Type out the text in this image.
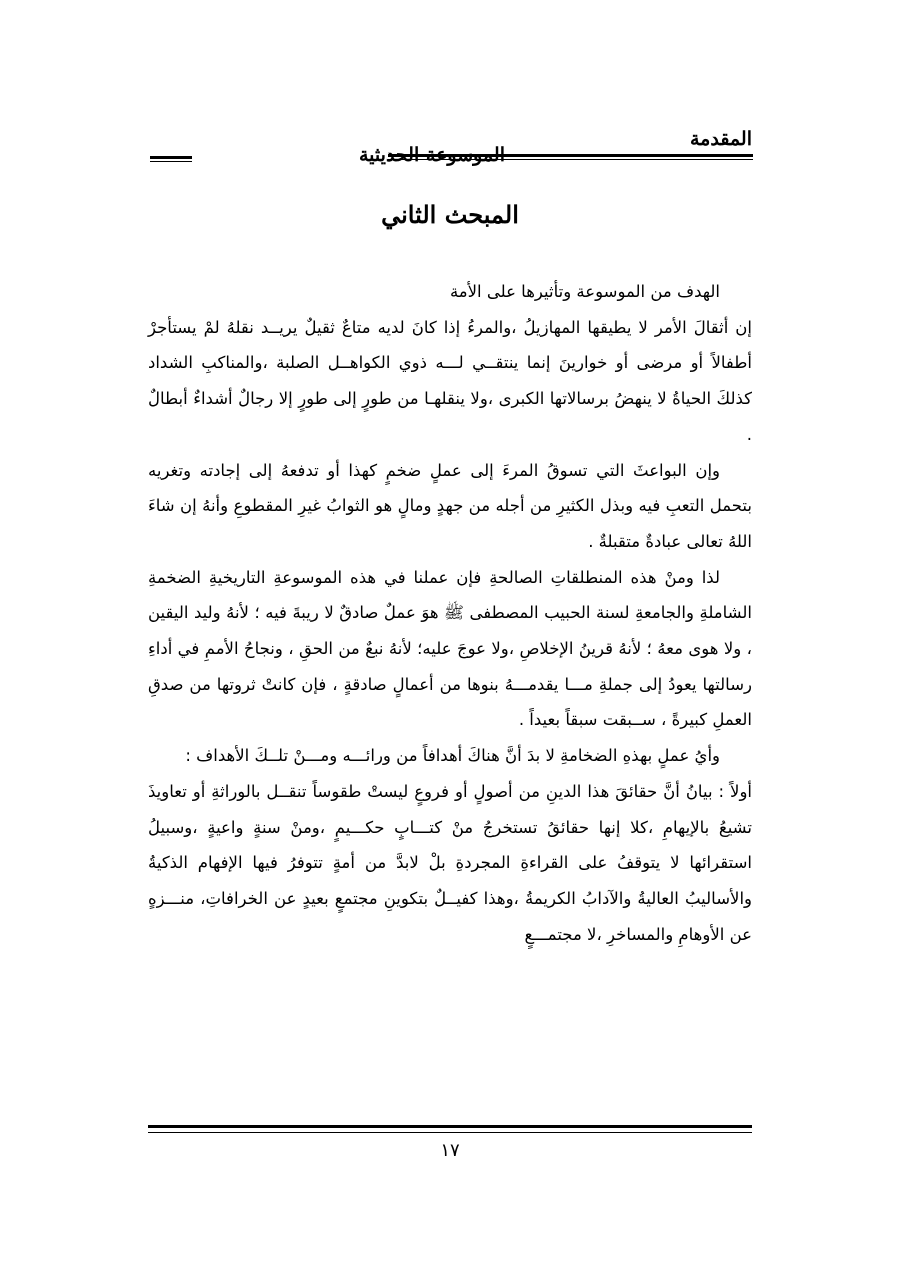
المقدمة
الموسوعة الحديثية
المبحث الثاني

الهدف من الموسوعة وتأثيرها على الأمة

إن أثقالَ الأمر لا يطيقها المهازيلُ ،والمرءُ إذا كانَ لديه متاعٌ ثقيلٌ يريــد نقلهُ لمْ يستأجرْ أطفالاً أو مرضى أو خوارينَ إنما ينتقــي لـــه ذوي الكواهــل الصلبة ،والمناكبِ الشداد كذلكَ الحياةُ لا ينهضُ برسالاتها الكبرى ،ولا ينقلهـا من طورٍ إلى طورٍ إلا رجالٌ أشداءٌ أبطالٌ .

وإن البواعثَ التي تسوقُ المرءَ إلى عملٍ ضخمٍ كهذا أو تدفعهُ إلى إجادته وتغريه بتحمل التعبِ فيه وبذل الكثيرِ من أجله من جهدٍ ومالٍ هو الثوابُ غيرِ المقطوعِ وأنهُ إن شاءَ اللهُ تعالى عبادةٌ متقبلةٌ .

لذا ومنْ هذه المنطلقاتِ الصالحةِ فإن عملنا في هذه الموسوعةِ التاريخيةِ الضخمةِ الشاملةِ والجامعةِ لسنة الحبيب المصطفى ﷺ هوَ عملٌ صادقٌ لا ريبةَ فيه ؛ لأنهُ وليد اليقين ، ولا هوى معهُ ؛ لأنهُ قرينُ الإخلاصِ ،ولا عوجَ عليه؛ لأنهُ نبعٌ من الحقِ ، ونجاحُ الأممِ في أداءِ رسالتها يعودُ إلى جملةِ مـــا يقدمـــهُ بنوها من أعمالٍ صادقةٍ ، فإن كانتْ ثروتها من صدقِ العملِ كبيرةً ، ســبقت سبقاً بعيداً .

وأيُ عملٍ بهذهِ الضخامةِ لا بدَ أنَّ هناكَ أهدافاً من ورائـــه ومـــنْ تلــكَ الأهداف :

أولاً : بيانُ أنَّ حقائقَ هذا الدينِ من أصولٍ أو فروعٍ ليستْ طقوساً تنقــل بالوراثةِ أو تعاويذَ تشيعُ بالإيهامِ ،كلا إنها حقائقُ تستخرجُ منْ كتـــابٍ حكـــيمٍ ،ومنْ سنةٍ واعيةٍ ،وسبيلُ استقرائها لا يتوقفُ على القراءةِ المجردةِ بلْ لابدَّ من أمةٍ تتوفرُ فيها الإفهام الذكيةُ والأساليبُ العاليةُ والآدابُ الكريمةُ ،وهذا كفيــلٌ بتكوينِ مجتمعٍ بعيدٍ عن الخرافاتِ، منـــزهٍ عن الأوهامِ والمساخرِ ،لا مجتمـــعٍ

١٧
